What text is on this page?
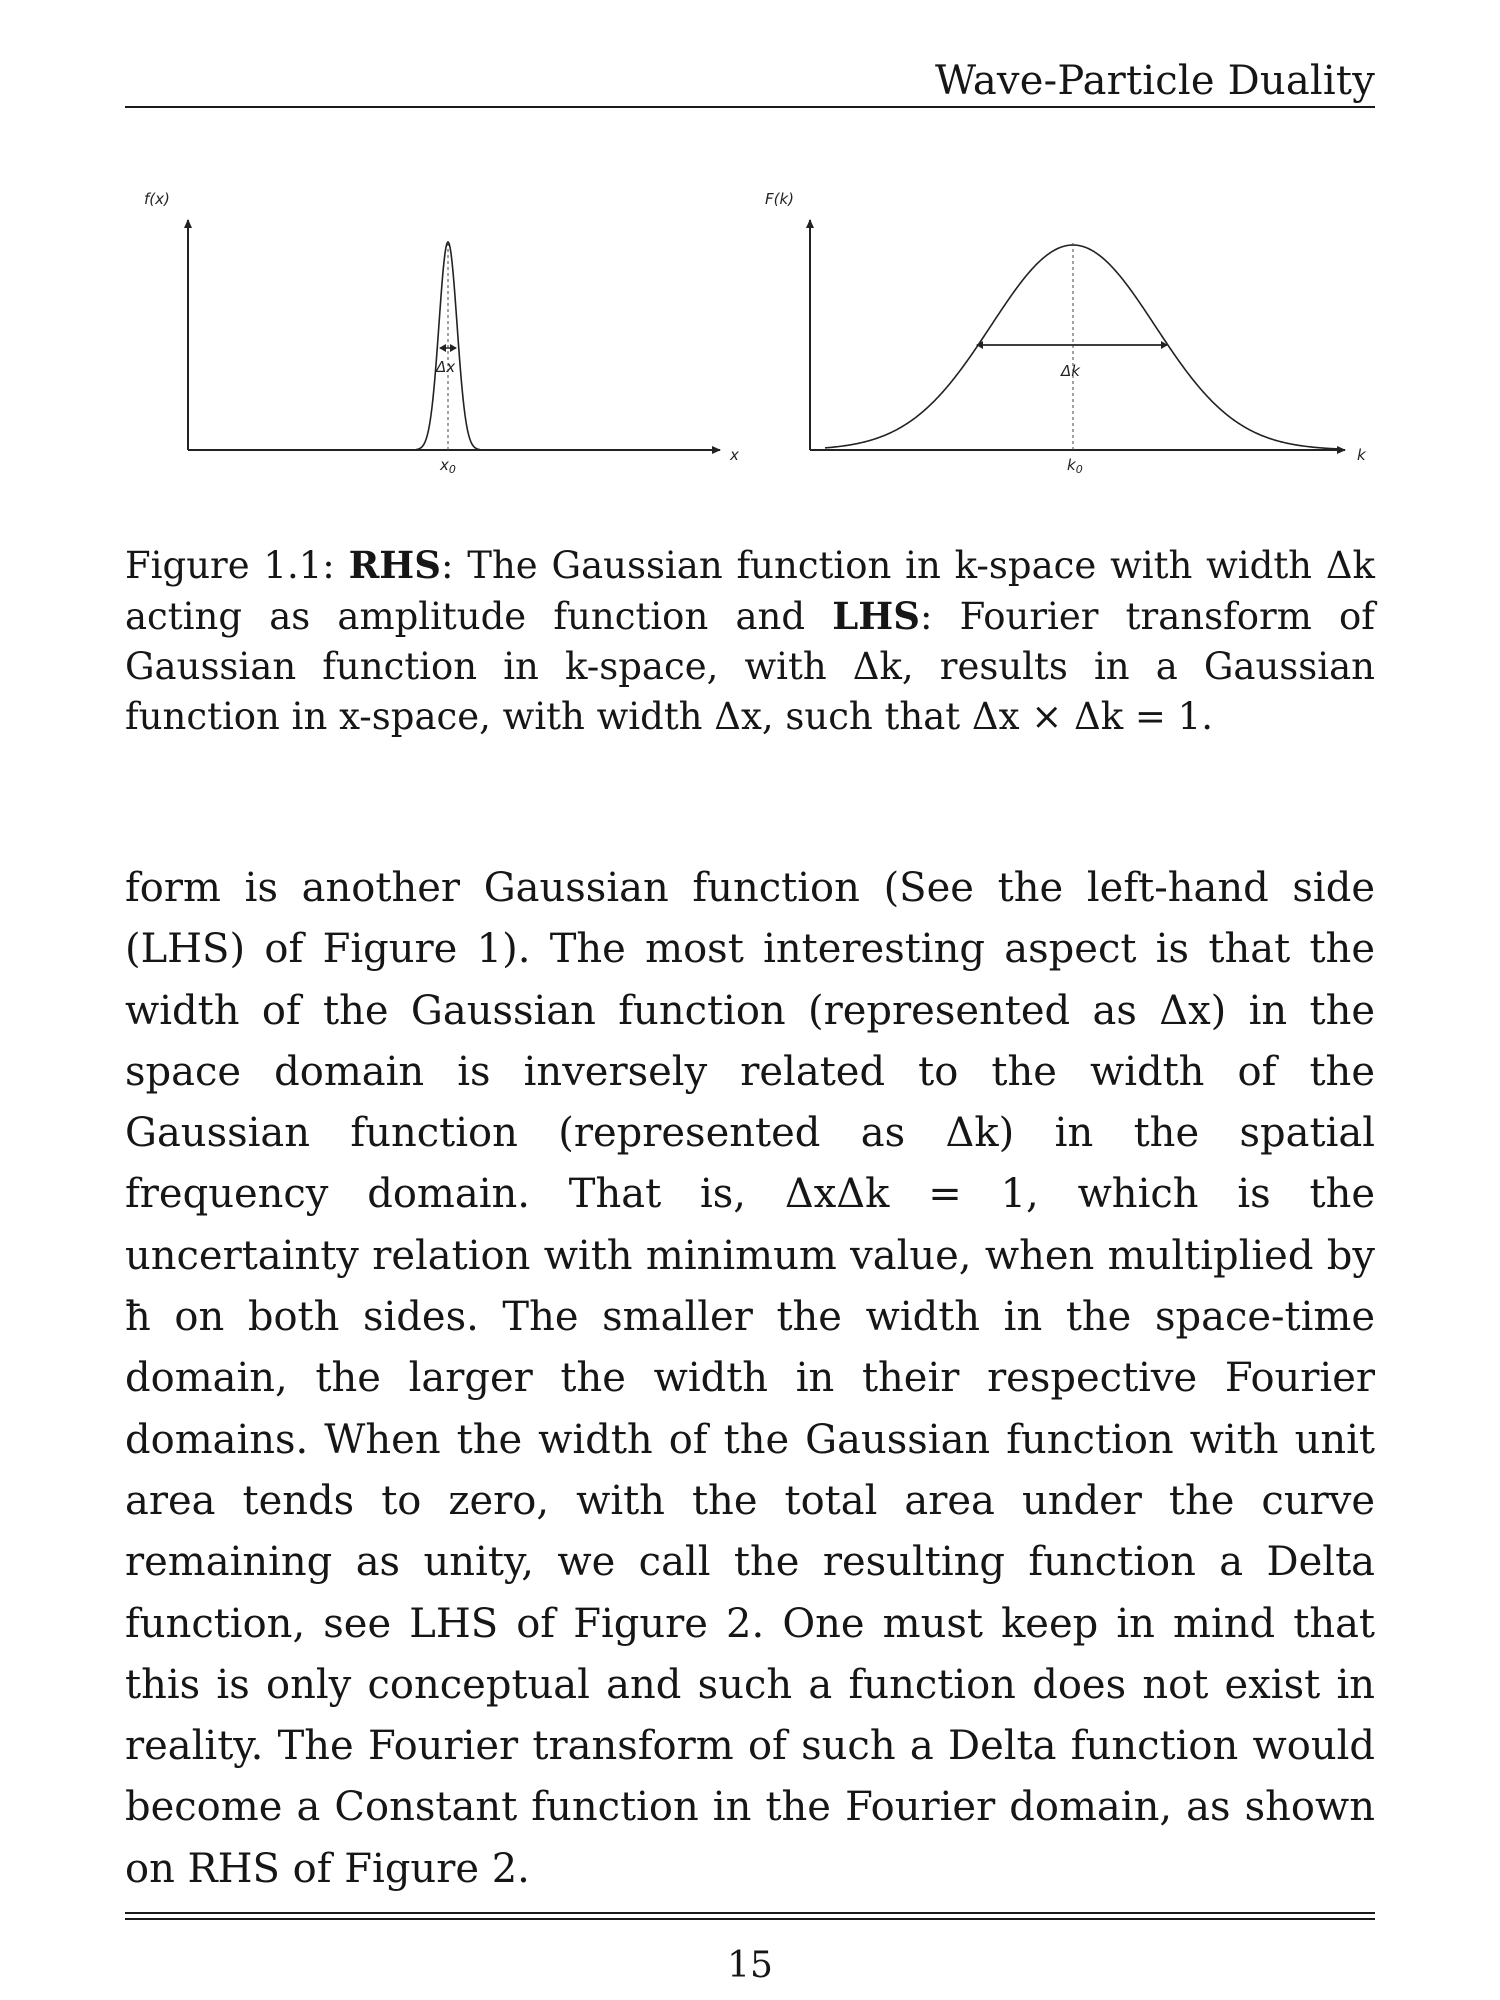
Wave-Particle Duality
f(x)
x
Δx
$x_0$
F(k)
k
Δk
$k_0$
Figure 1.1: RHS: The Gaussian function in k-space with width Δk acting as amplitude function and LHS: Fourier transform of Gaussian function in k-space, with Δk, results in a Gaussian function in x-space, with width Δx, such that Δx × Δk = 1.

form is another Gaussian function (See the left-hand side (LHS) of Figure 1). The most interesting aspect is that the width of the Gaussian function (represented as Δx) in the space domain is inversely related to the width of the Gaussian function (represented as Δk) in the spatial frequency domain. That is, ΔxΔk = 1, which is the uncertainty relation with minimum value, when multiplied by ħ on both sides. The smaller the width in the space-time domain, the larger the width in their respective Fourier domains. When the width of the Gaussian function with unit area tends to zero, with the total area under the curve remaining as unity, we call the resulting function a Delta function, see LHS of Figure 2. One must keep in mind that this is only conceptual and such a function does not exist in reality. The Fourier transform of such a Delta function would become a Constant function in the Fourier domain, as shown on RHS of Figure 2.

15
